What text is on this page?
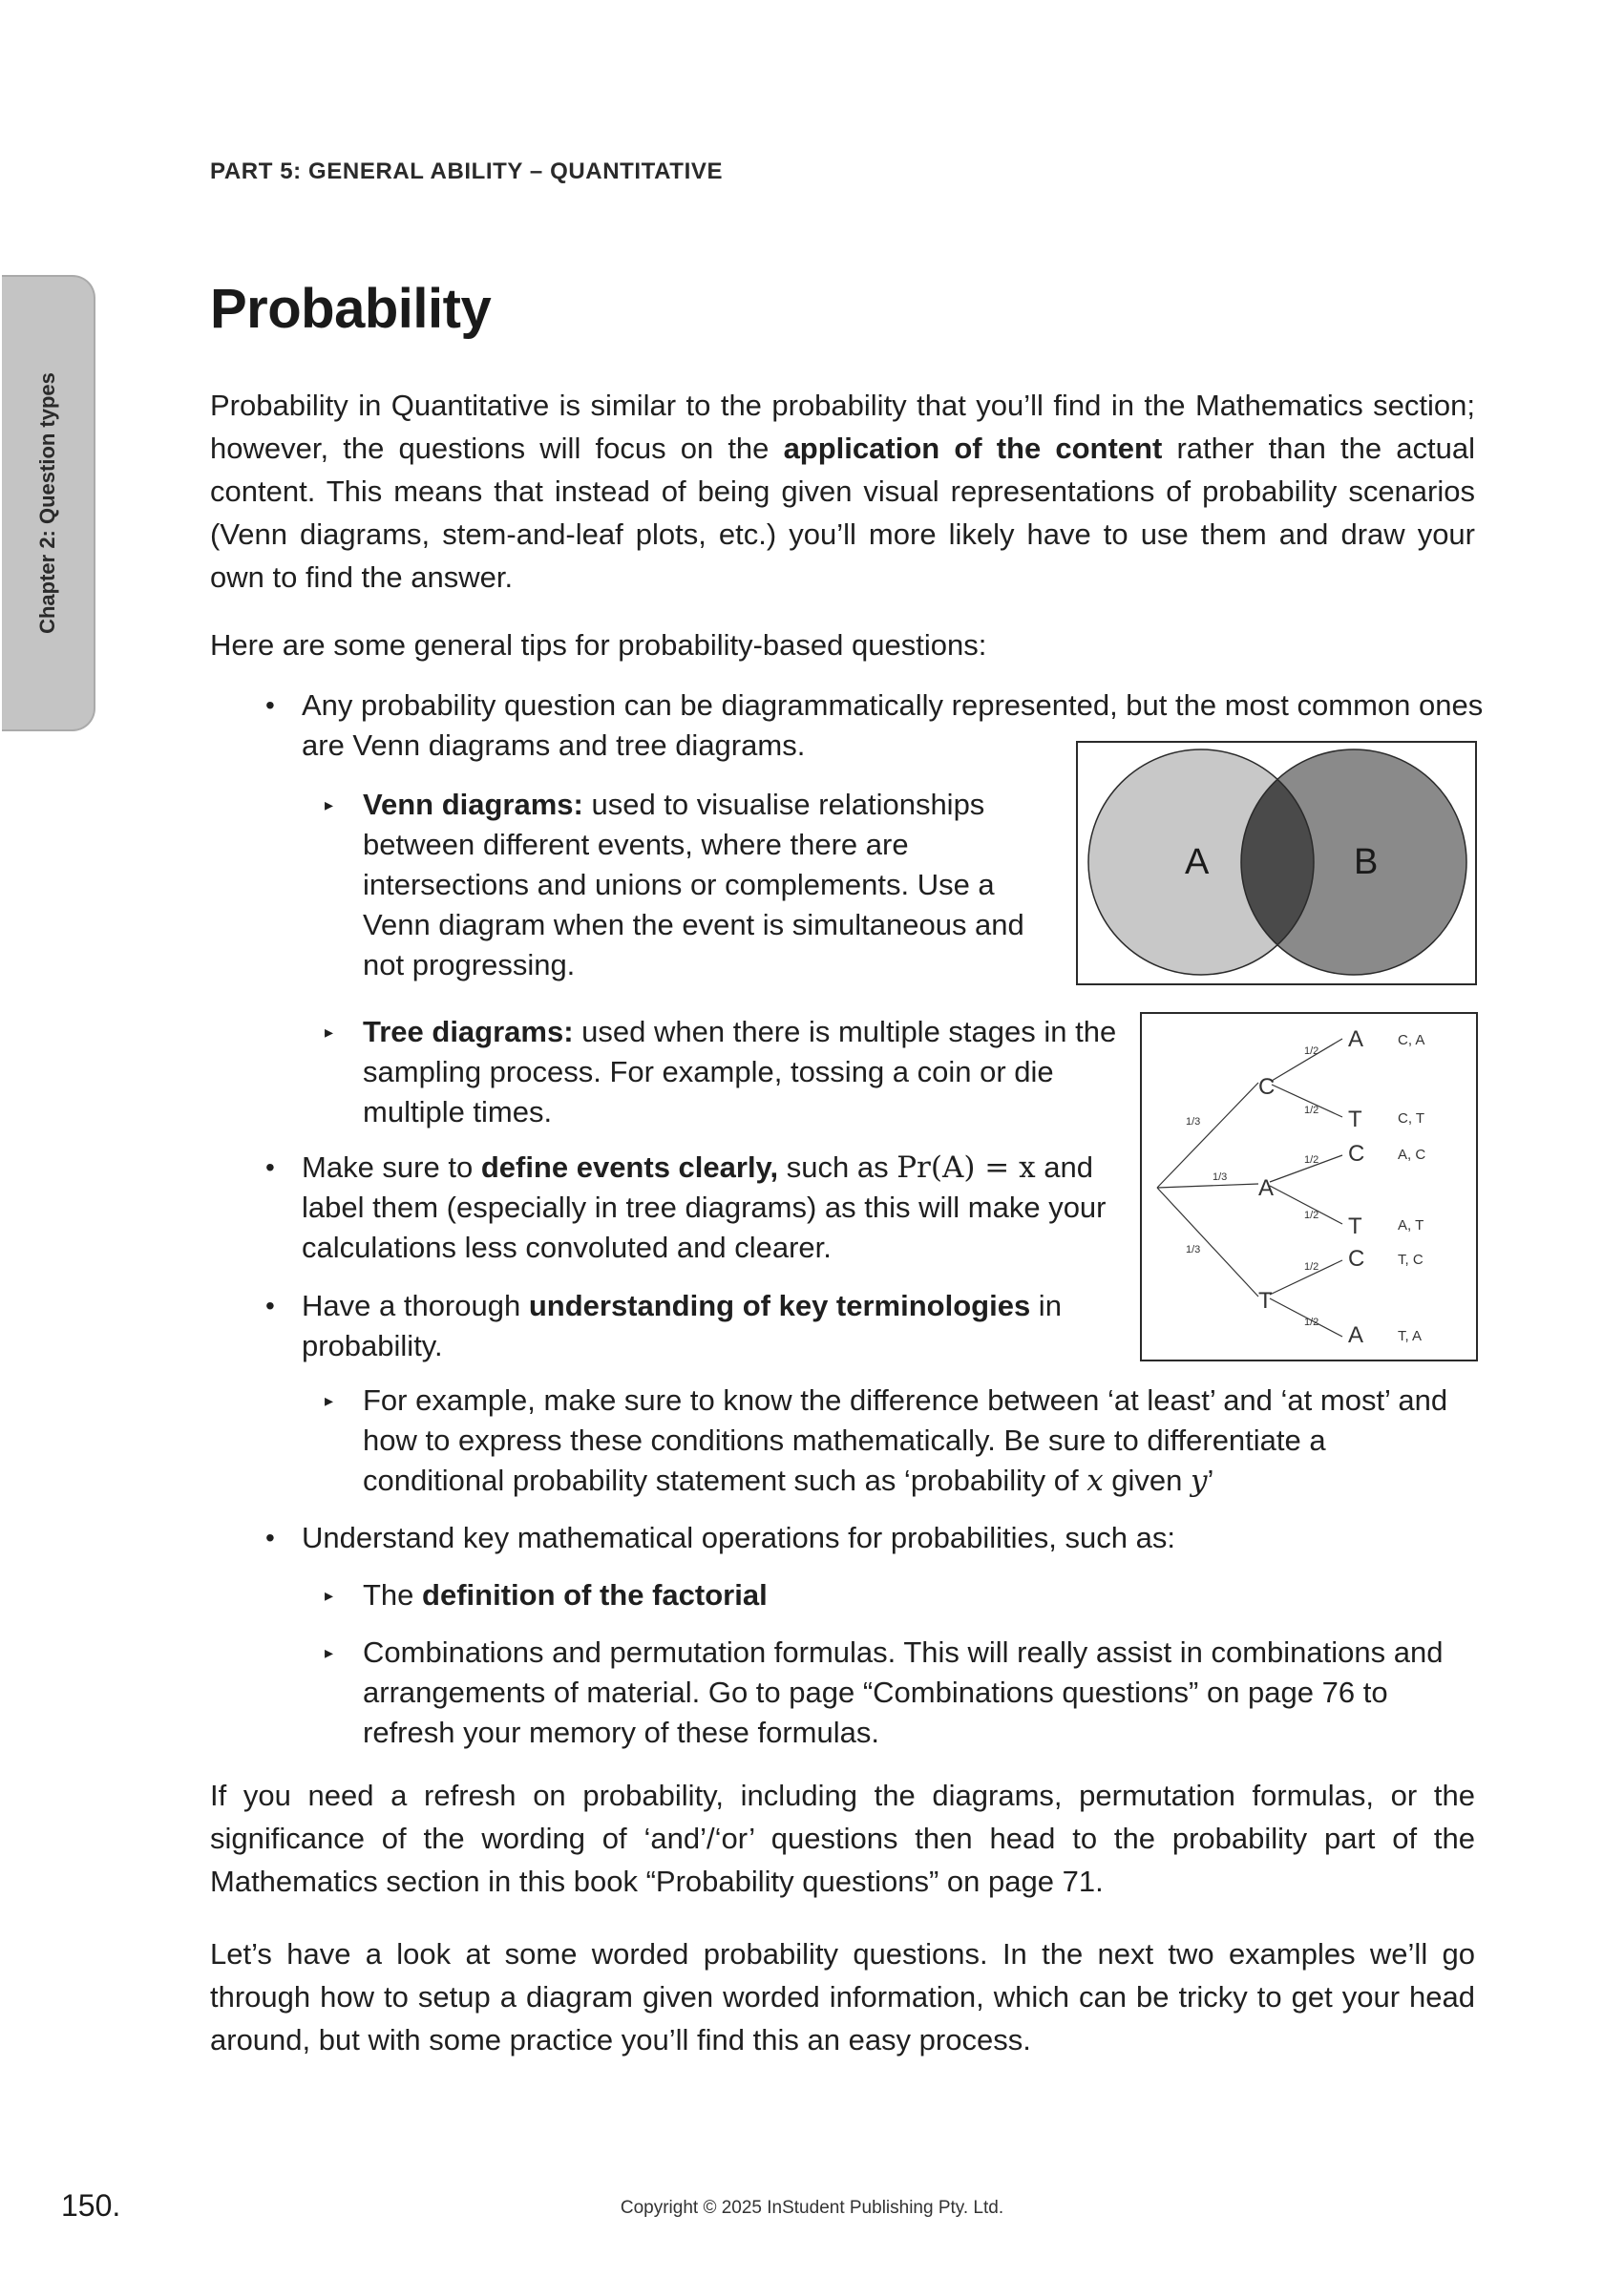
PART 5: GENERAL ABILITY – QUANTITATIVE
Chapter 2: Question types
Probability

Probability in Quantitative is similar to the probability that you’ll find in the Mathematics section; however, the questions will focus on the application of the content rather than the actual content. This means that instead of being given visual representations of probability scenarios (Venn diagrams, stem-and-leaf plots, etc.) you’ll more likely have to use them and draw your own to find the answer.

Here are some general tips for probability-based questions:

• Any probability question can be diagrammatically represented, but the most common ones are Venn diagrams and tree diagrams.
▸ Venn diagrams: used to visualise relationships between different events, where there are intersections and unions or complements. Use a Venn diagram when the event is simultaneous and not progressing.
▸ Tree diagrams: used when there is multiple stages in the sampling process. For example, tossing a coin or die multiple times.
• Make sure to define events clearly, such as Pr(A) = x and label them (especially in tree diagrams) as this will make your calculations less convoluted and clearer.
• Have a thorough understanding of key terminologies in probability.
▸ For example, make sure to know the difference between ‘at least’ and ‘at most’ and how to express these conditions mathematically. Be sure to differentiate a conditional probability statement such as ‘probability of x given y’
• Understand key mathematical operations for probabilities, such as:
▸ The definition of the factorial
▸ Combinations and permutation formulas. This will really assist in combinations and arrangements of material. Go to page “Combinations questions” on page 76 to refresh your memory of these formulas.

If you need a refresh on probability, including the diagrams, permutation formulas, or the significance of the wording of ‘and’/‘or’ questions then head to the probability part of the Mathematics section in this book “Probability questions” on page 71.

Let’s have a look at some worded probability questions. In the next two examples we’ll go through how to setup a diagram given worded information, which can be tricky to get your head around, but with some practice you’ll find this an easy process.

A	B
C
A
T
1/3
1/3
1/3
A
T
C
T
C
A
1/2
1/2
1/2
1/2
1/2
1/2
C, A
C, T
A, C
A, T
T, C
T, A
150.	Copyright © 2025 InStudent Publishing Pty. Ltd.
